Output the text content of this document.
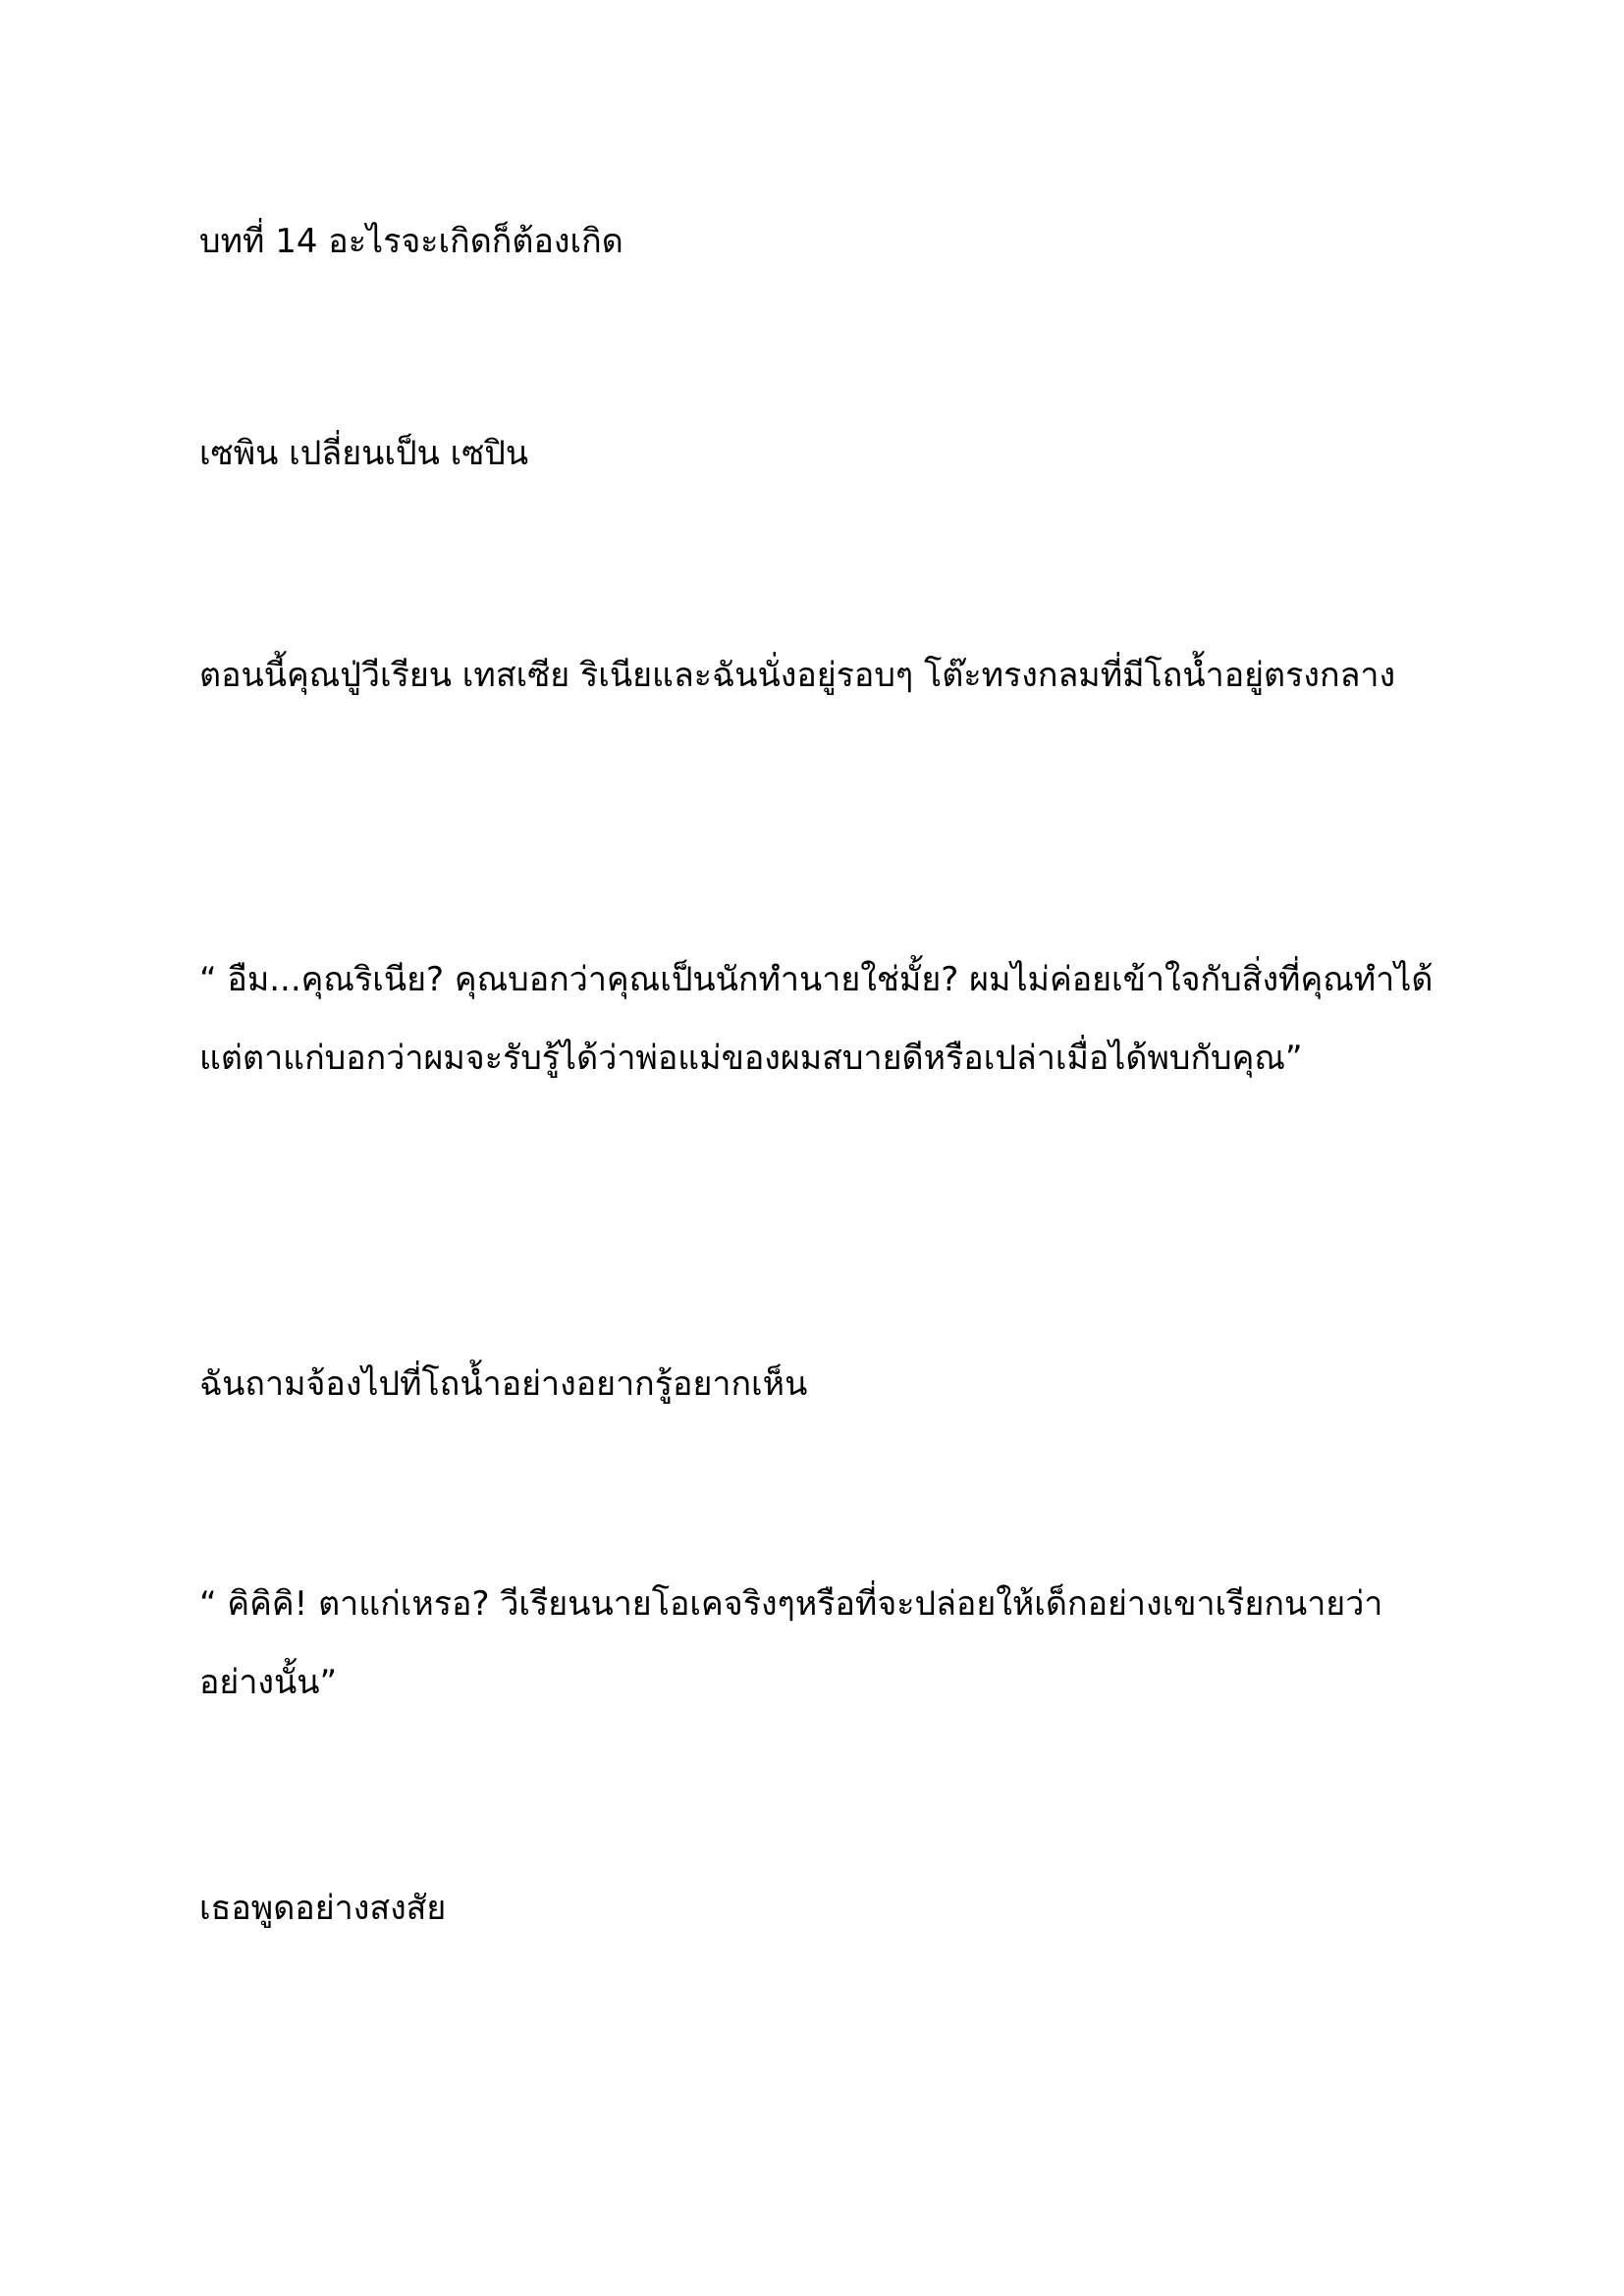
บทที่ 14 อะไรจะเกิดก็ต้องเกิด

เซพิน เปลี่ยนเป็น เซปิน

ตอนนี้คุณปู่วีเรียน เทสเซีย ริเนียและฉันนั่งอยู่รอบๆ โต๊ะทรงกลมที่มีโถน้ำอยู่ตรงกลาง

“ อืม...คุณริเนีย? คุณบอกว่าคุณเป็นนักทำนายใช่มั้ย? ผมไม่ค่อยเข้าใจกับสิ่งที่คุณทำได้ แต่ตาแก่บอกว่าผมจะรับรู้ได้ว่าพ่อแม่ของผมสบายดีหรือเปล่าเมื่อได้พบกับคุณ”

ฉันถามจ้องไปที่โถน้ำอย่างอยากรู้อยากเห็น

“ คิคิคิ! ตาแก่เหรอ? วีเรียนนายโอเคจริงๆหรือที่จะปล่อยให้เด็กอย่างเขาเรียกนายว่าอย่างนั้น”

เธอพูดอย่างสงสัย
